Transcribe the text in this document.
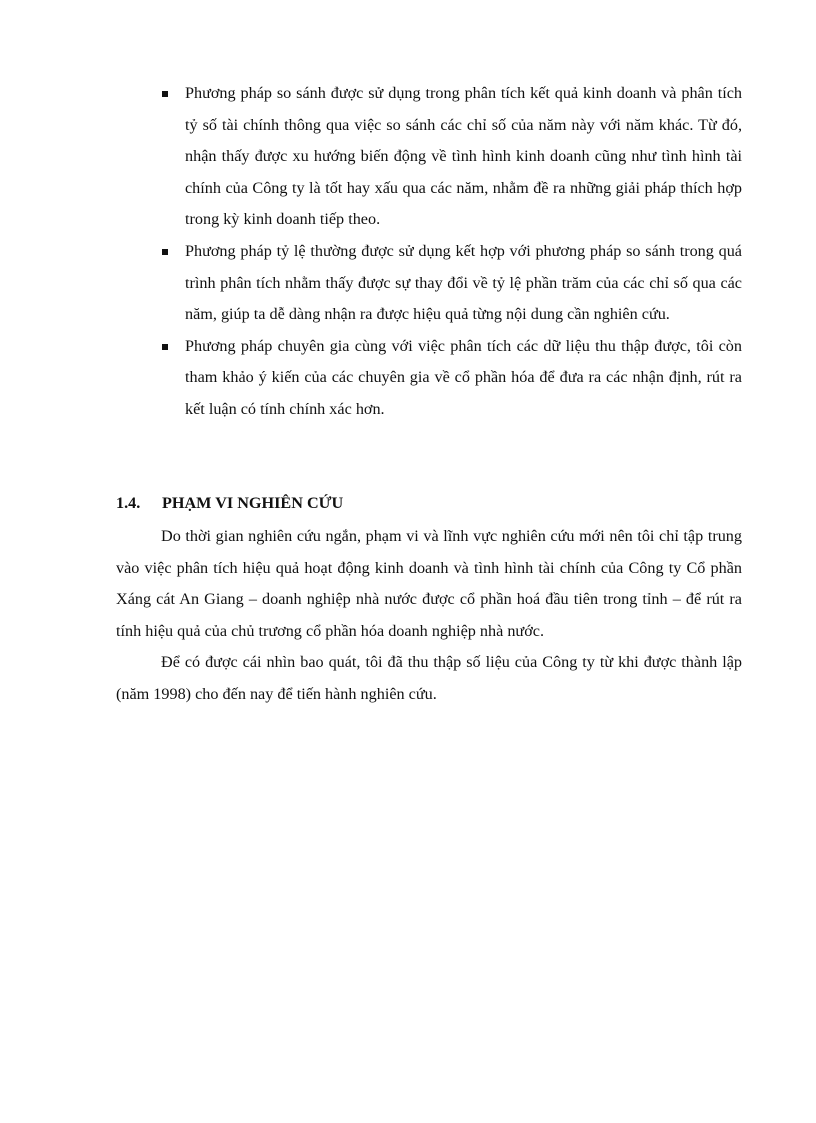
Phương pháp so sánh được sử dụng trong phân tích kết quả kinh doanh và phân tích tỷ số tài chính thông qua việc so sánh các chỉ số của năm này với năm khác. Từ đó, nhận thấy được xu hướng biến động về tình hình kinh doanh cũng như tình hình tài chính của Công ty là tốt hay xấu qua các năm, nhằm đề ra những giải pháp thích hợp trong kỳ kinh doanh tiếp theo.
Phương pháp tỷ lệ thường được sử dụng kết hợp với phương pháp so sánh trong quá trình phân tích nhằm thấy được sự thay đổi về tỷ lệ phần trăm của các chỉ số qua các năm, giúp ta dễ dàng nhận ra được hiệu quả từng nội dung cần nghiên cứu.
Phương pháp chuyên gia cùng với việc phân tích các dữ liệu thu thập được, tôi còn tham khảo ý kiến của các chuyên gia về cổ phần hóa để đưa ra các nhận định, rút ra kết luận có tính chính xác hơn.
1.4. PHẠM VI NGHIÊN CỨU

Do thời gian nghiên cứu ngắn, phạm vi và lĩnh vực nghiên cứu mới nên tôi chỉ tập trung vào việc phân tích hiệu quả hoạt động kinh doanh và tình hình tài chính của Công ty Cổ phần Xáng cát An Giang – doanh nghiệp nhà nước được cổ phần hoá đầu tiên trong tỉnh – để rút ra tính hiệu quả của chủ trương cổ phần hóa doanh nghiệp nhà nước.

Để có được cái nhìn bao quát, tôi đã thu thập số liệu của Công ty từ khi được thành lập (năm 1998) cho đến nay để tiến hành nghiên cứu.
